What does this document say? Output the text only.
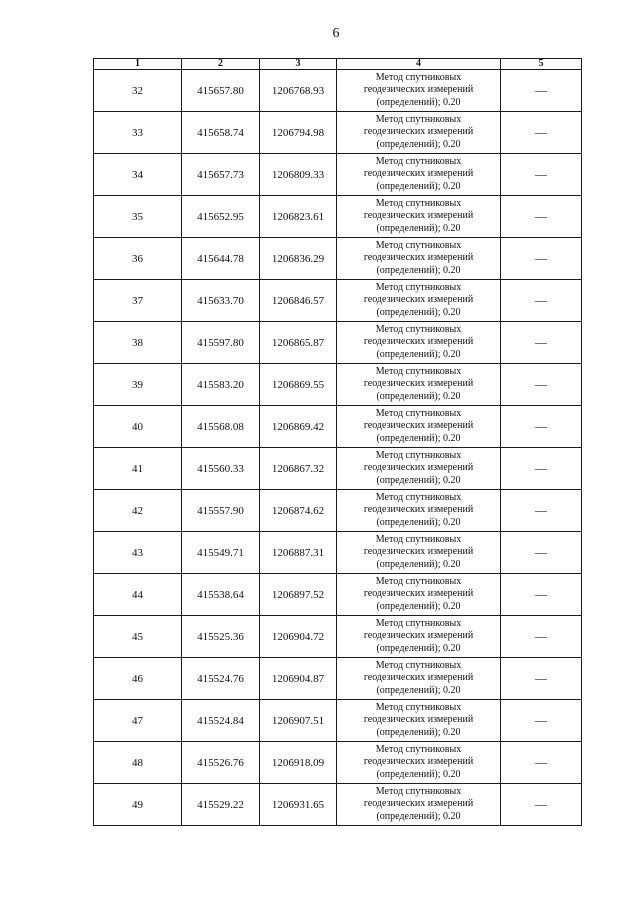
6
1	2	3	4	5
32	415657.80	1206768.93	Метод спутниковых
геодезических измерений
(определений); 0.20	—
33	415658.74	1206794.98	Метод спутниковых
геодезических измерений
(определений); 0.20	—
34	415657.73	1206809.33	Метод спутниковых
геодезических измерений
(определений); 0.20	—
35	415652.95	1206823.61	Метод спутниковых
геодезических измерений
(определений); 0.20	—
36	415644.78	1206836.29	Метод спутниковых
геодезических измерений
(определений); 0.20	—
37	415633.70	1206846.57	Метод спутниковых
геодезических измерений
(определений); 0.20	—
38	415597.80	1206865.87	Метод спутниковых
геодезических измерений
(определений); 0.20	—
39	415583.20	1206869.55	Метод спутниковых
геодезических измерений
(определений); 0.20	—
40	415568.08	1206869.42	Метод спутниковых
геодезических измерений
(определений); 0.20	—
41	415560.33	1206867.32	Метод спутниковых
геодезических измерений
(определений); 0.20	—
42	415557.90	1206874.62	Метод спутниковых
геодезических измерений
(определений); 0.20	—
43	415549.71	1206887.31	Метод спутниковых
геодезических измерений
(определений); 0.20	—
44	415538.64	1206897.52	Метод спутниковых
геодезических измерений
(определений); 0.20	—
45	415525.36	1206904.72	Метод спутниковых
геодезических измерений
(определений); 0.20	—
46	415524.76	1206904.87	Метод спутниковых
геодезических измерений
(определений); 0.20	—
47	415524.84	1206907.51	Метод спутниковых
геодезических измерений
(определений); 0.20	—
48	415526.76	1206918.09	Метод спутниковых
геодезических измерений
(определений); 0.20	—
49	415529.22	1206931.65	Метод спутниковых
геодезических измерений
(определений); 0.20	—
